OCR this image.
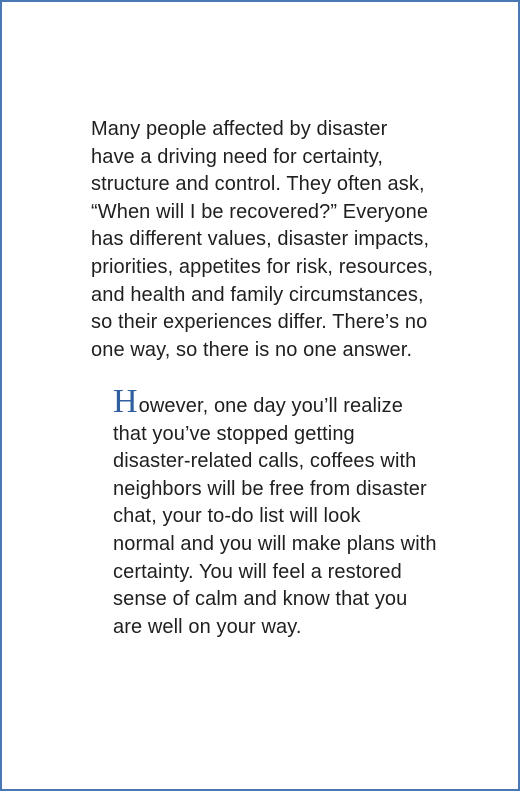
Many people affected by disaster
have a driving need for certainty,
structure and control. They often ask,
“When will I be recovered?” Everyone
has different values, disaster impacts,
priorities, appetites for risk, resources,
and health and family circumstances,
so their experiences differ. There’s no
one way, so there is no one answer.

However, one day you’ll realize
that you’ve stopped getting
disaster-related calls, coffees with
neighbors will be free from disaster
chat, your to-do list will look
normal and you will make plans with
certainty. You will feel a restored
sense of calm and know that you
are well on your way.
